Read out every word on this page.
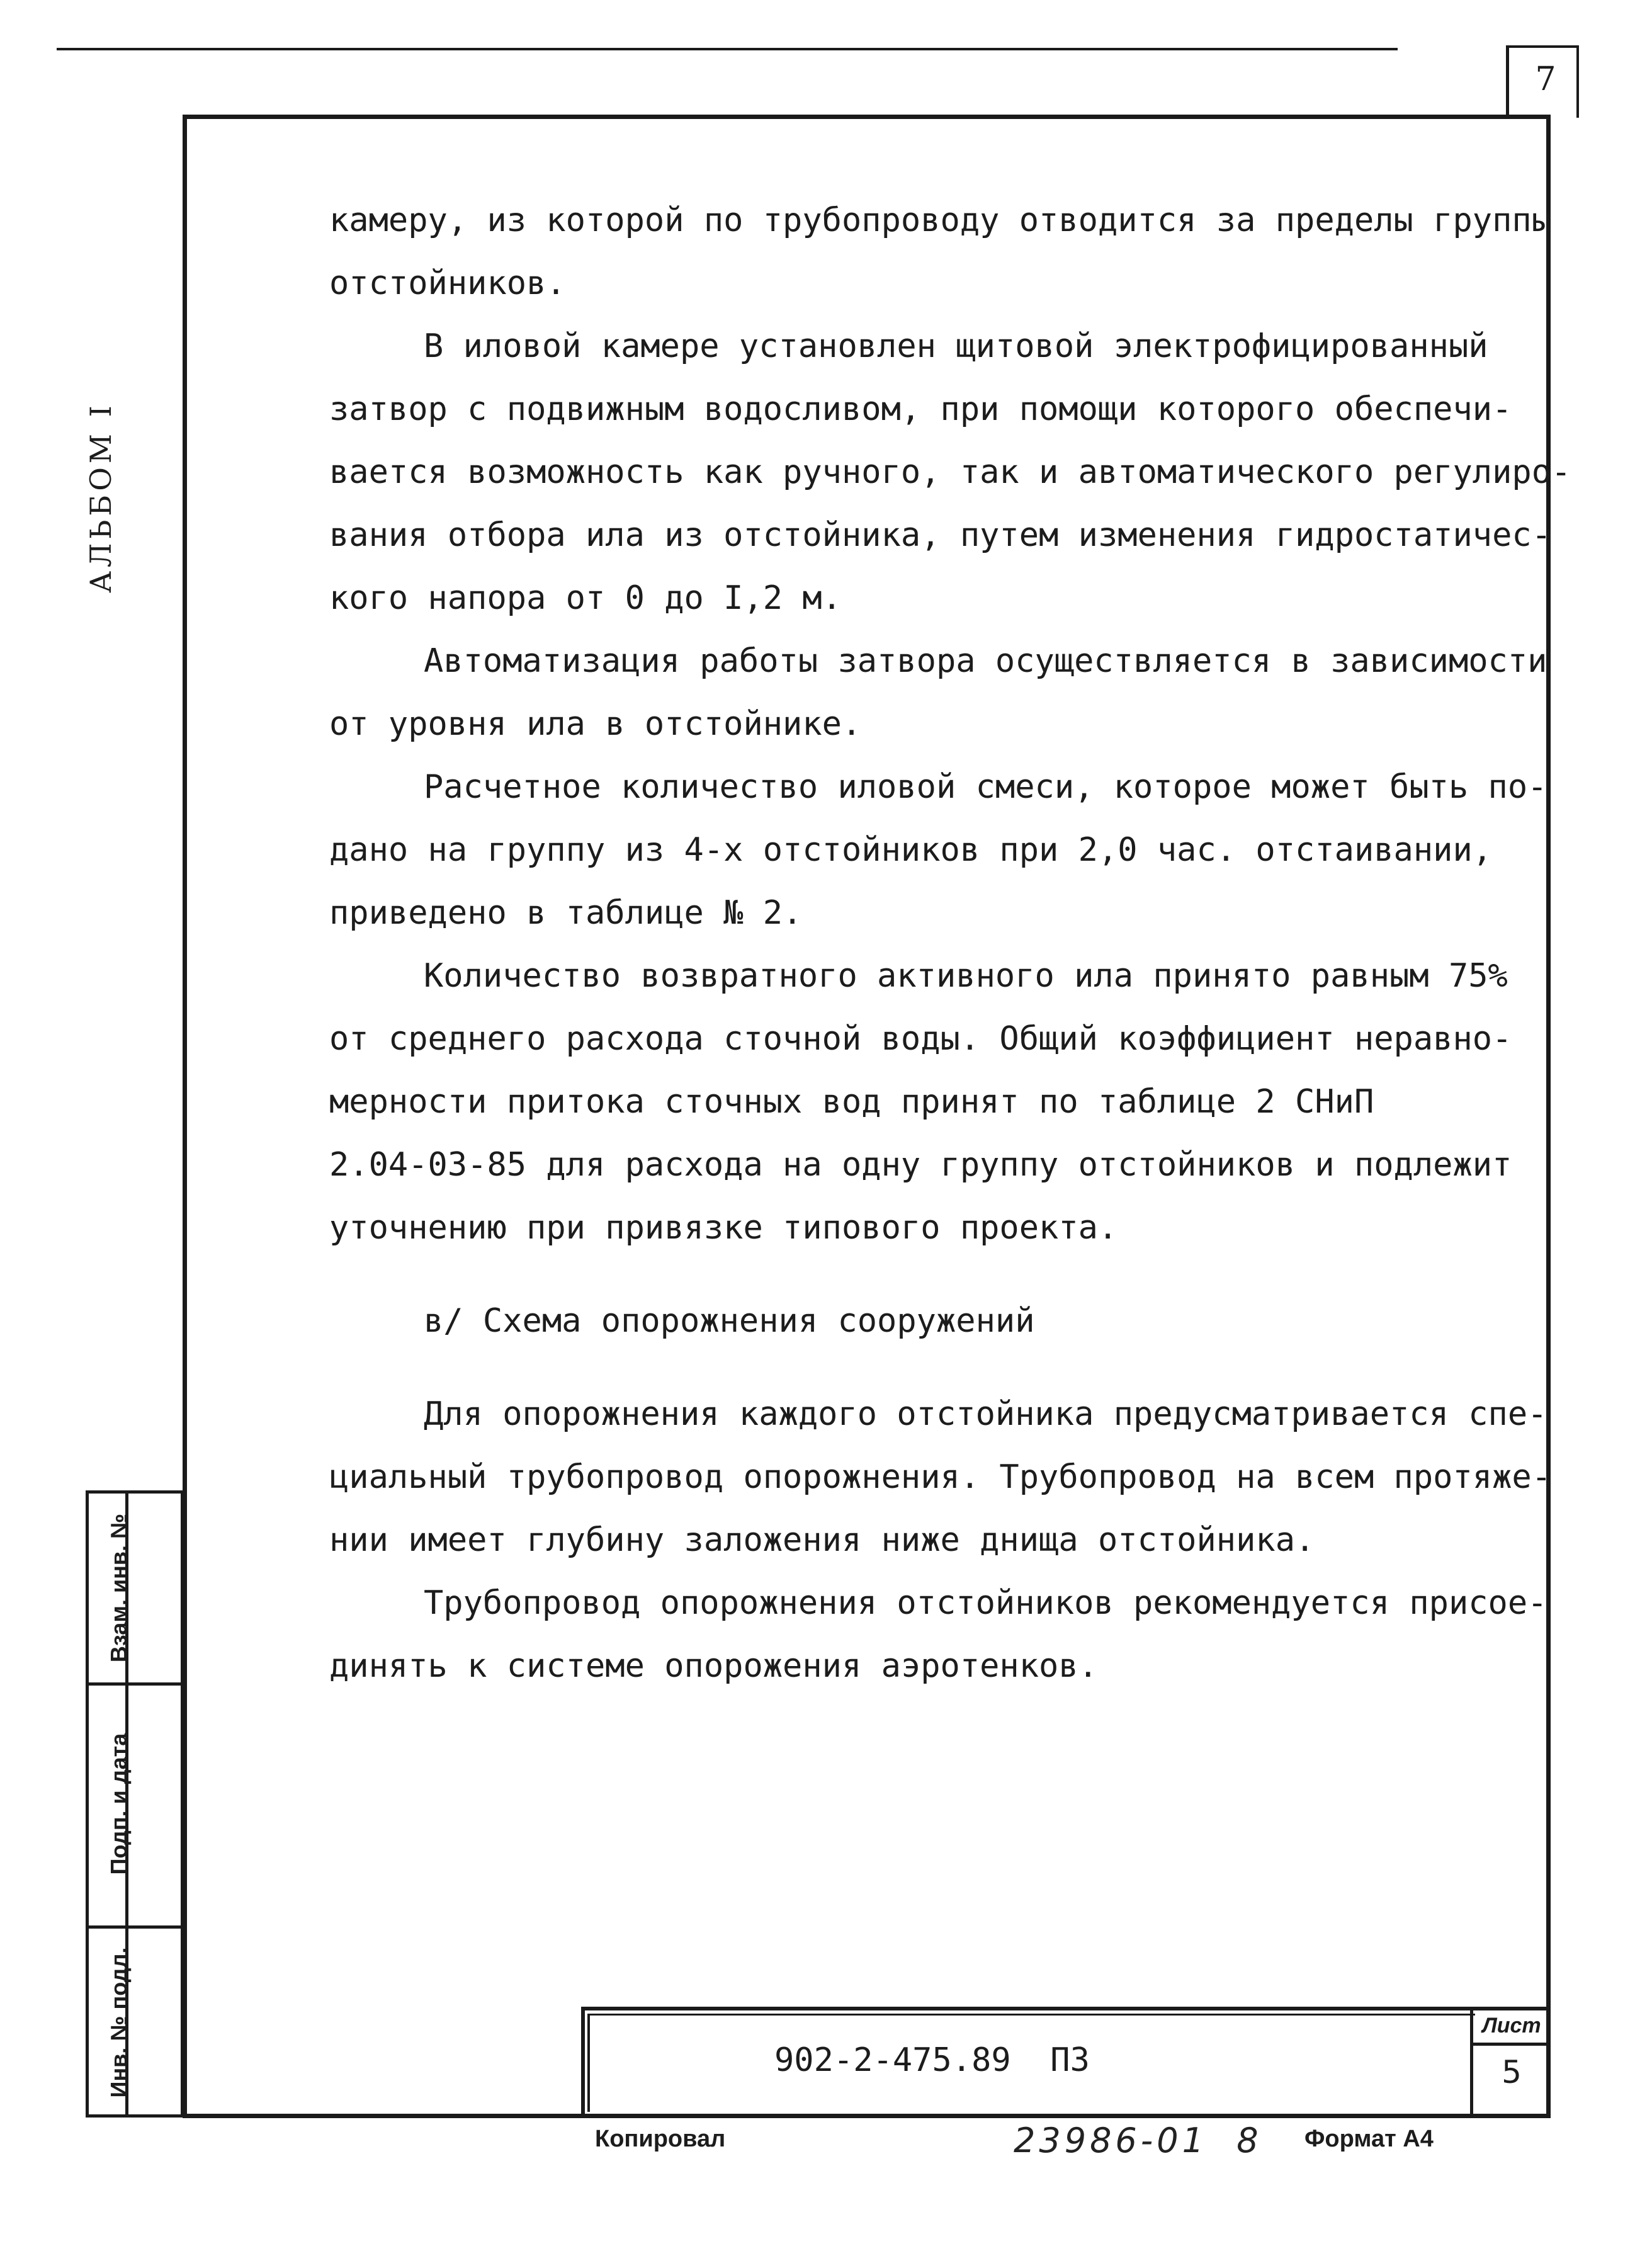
7
АЛЬБОМ I

камеру, из которой по трубопроводу отводится за пределы группы

отстойников.

В иловой камере установлен щитовой электрофицированный

затвор с подвижным водосливом, при помощи которого обеспечи-

вается возможность как ручного, так и автоматического регулиро-

вания отбора ила из отстойника, путем изменения гидростатичес-

кого напора от 0 до I,2 м.

Автоматизация работы затвора осуществляется в зависимости

от уровня ила в отстойнике.

Расчетное количество иловой смеси, которое может быть по-

дано на группу из 4-х отстойников при 2,0 час. отстаивании,

приведено в таблице № 2.

Количество возвратного активного ила принято равным 75%

от среднего расхода сточной воды. Общий коэффициент неравно-

мерности притока сточных вод принят по таблице 2 СНиП

2.04-03-85 для расхода на одну группу отстойников и подлежит

уточнению при привязке типового проекта.

в/ Схема опорожнения сооружений

Для опорожнения каждого отстойника предусматривается спе-

циальный трубопровод опорожнения. Трубопровод на всем протяже-

нии имеет глубину заложения ниже днища отстойника.

Трубопровод опорожнения отстойников рекомендуется присое-

динять к системе опорожения аэротенков.

Взам. инв. №
Подп. и дата
Инв. № подл.	902-2-475.89  ПЗ
Лист
5
Копировал	23986-01  8 Формат А4
